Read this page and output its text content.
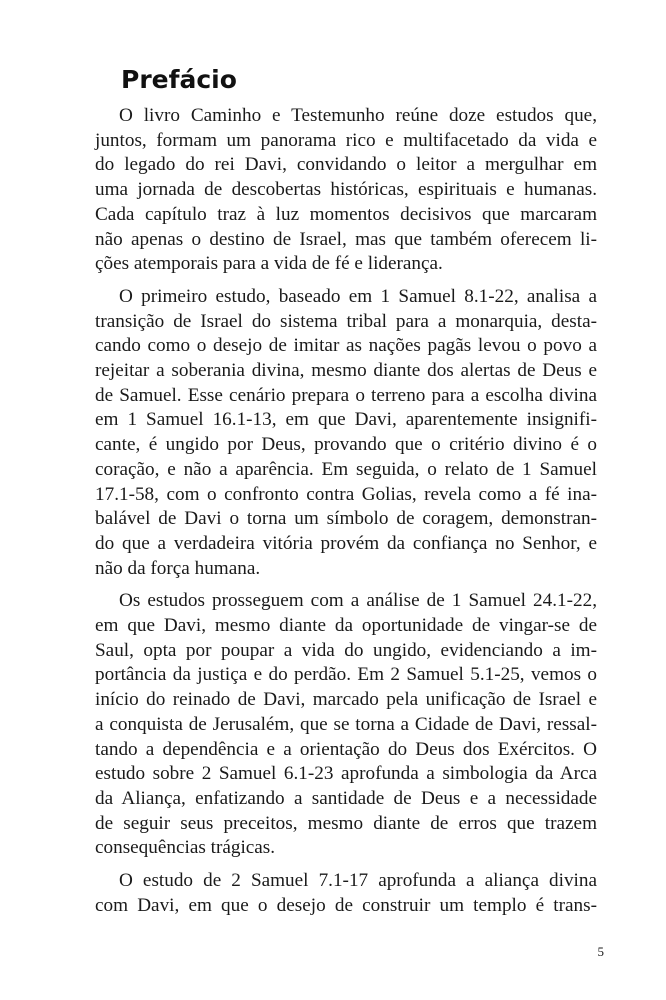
Prefácio

O livro Caminho e Testemunho reúne doze estudos que,
juntos, formam um panorama rico e multifacetado da vida e
do legado do rei Davi, convidando o leitor a mergulhar em
uma jornada de descobertas históricas, espirituais e humanas.
Cada capítulo traz à luz momentos decisivos que marcaram
não apenas o destino de Israel, mas que também oferecem li-
ções atemporais para a vida de fé e liderança.

O primeiro estudo, baseado em 1 Samuel 8.1-22, analisa a
transição de Israel do sistema tribal para a monarquia, desta-
cando como o desejo de imitar as nações pagãs levou o povo a
rejeitar a soberania divina, mesmo diante dos alertas de Deus e
de Samuel. Esse cenário prepara o terreno para a escolha divina
em 1 Samuel 16.1-13, em que Davi, aparentemente insignifi-
cante, é ungido por Deus, provando que o critério divino é o
coração, e não a aparência. Em seguida, o relato de 1 Samuel
17.1-58, com o confronto contra Golias, revela como a fé ina-
balável de Davi o torna um símbolo de coragem, demonstran-
do que a verdadeira vitória provém da confiança no Senhor, e
não da força humana.

Os estudos prosseguem com a análise de 1 Samuel 24.1-22,
em que Davi, mesmo diante da oportunidade de vingar-se de
Saul, opta por poupar a vida do ungido, evidenciando a im-
portância da justiça e do perdão. Em 2 Samuel 5.1-25, vemos o
início do reinado de Davi, marcado pela unificação de Israel e
a conquista de Jerusalém, que se torna a Cidade de Davi, ressal-
tando a dependência e a orientação do Deus dos Exércitos. O
estudo sobre 2 Samuel 6.1-23 aprofunda a simbologia da Arca
da Aliança, enfatizando a santidade de Deus e a necessidade
de seguir seus preceitos, mesmo diante de erros que trazem
consequências trágicas.

O estudo de 2 Samuel 7.1-17 aprofunda a aliança divina
com Davi, em que o desejo de construir um templo é trans-

5
